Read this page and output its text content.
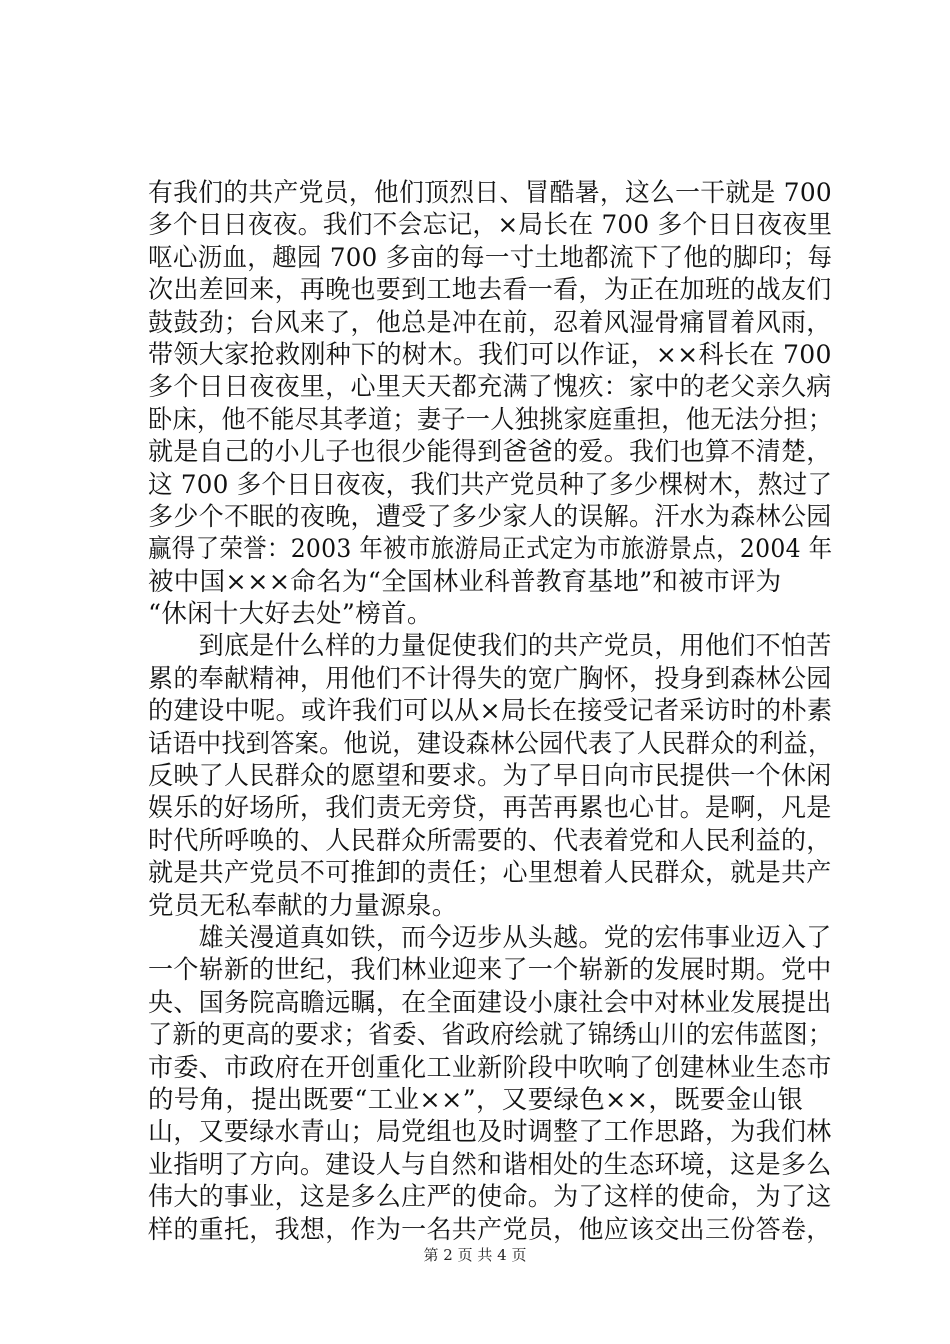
有我们的共产党员，他们顶烈日、冒酷暑，这么一干就是 700
多个日日夜夜。我们不会忘记，×局长在 700 多个日日夜夜里
呕心沥血，趣园 700 多亩的每一寸土地都流下了他的脚印；每
次出差回来，再晚也要到工地去看一看，为正在加班的战友们
鼓鼓劲；台风来了，他总是冲在前，忍着风湿骨痛冒着风雨，
带领大家抢救刚种下的树木。我们可以作证，××科长在 700
多个日日夜夜里，心里天天都充满了愧疚：家中的老父亲久病
卧床，他不能尽其孝道；妻子一人独挑家庭重担，他无法分担；
就是自己的小儿子也很少能得到爸爸的爱。我们也算不清楚，
这 700 多个日日夜夜，我们共产党员种了多少棵树木，熬过了
多少个不眠的夜晚，遭受了多少家人的误解。汗水为森林公园
赢得了荣誉：2003 年被市旅游局正式定为市旅游景点，2004 年
被中国×××命名为“全国林业科普教育基地”和被市评为
“休闲十大好去处”榜首。
　　到底是什么样的力量促使我们的共产党员，用他们不怕苦
累的奉献精神，用他们不计得失的宽广胸怀，投身到森林公园
的建设中呢。或许我们可以从×局长在接受记者采访时的朴素
话语中找到答案。他说，建设森林公园代表了人民群众的利益，
反映了人民群众的愿望和要求。为了早日向市民提供一个休闲
娱乐的好场所，我们责无旁贷，再苦再累也心甘。是啊，凡是
时代所呼唤的、人民群众所需要的、代表着党和人民利益的，
就是共产党员不可推卸的责任；心里想着人民群众，就是共产
党员无私奉献的力量源泉。
　　雄关漫道真如铁，而今迈步从头越。党的宏伟事业迈入了
一个崭新的世纪，我们林业迎来了一个崭新的发展时期。党中
央、国务院高瞻远瞩，在全面建设小康社会中对林业发展提出
了新的更高的要求；省委、省政府绘就了锦绣山川的宏伟蓝图；
市委、市政府在开创重化工业新阶段中吹响了创建林业生态市
的号角，提出既要“工业××”，又要绿色××，既要金山银
山，又要绿水青山；局党组也及时调整了工作思路，为我们林
业指明了方向。建设人与自然和谐相处的生态环境，这是多么
伟大的事业，这是多么庄严的使命。为了这样的使命，为了这
样的重托，我想，作为一名共产党员，他应该交出三份答卷，
第 2 页 共 4 页
